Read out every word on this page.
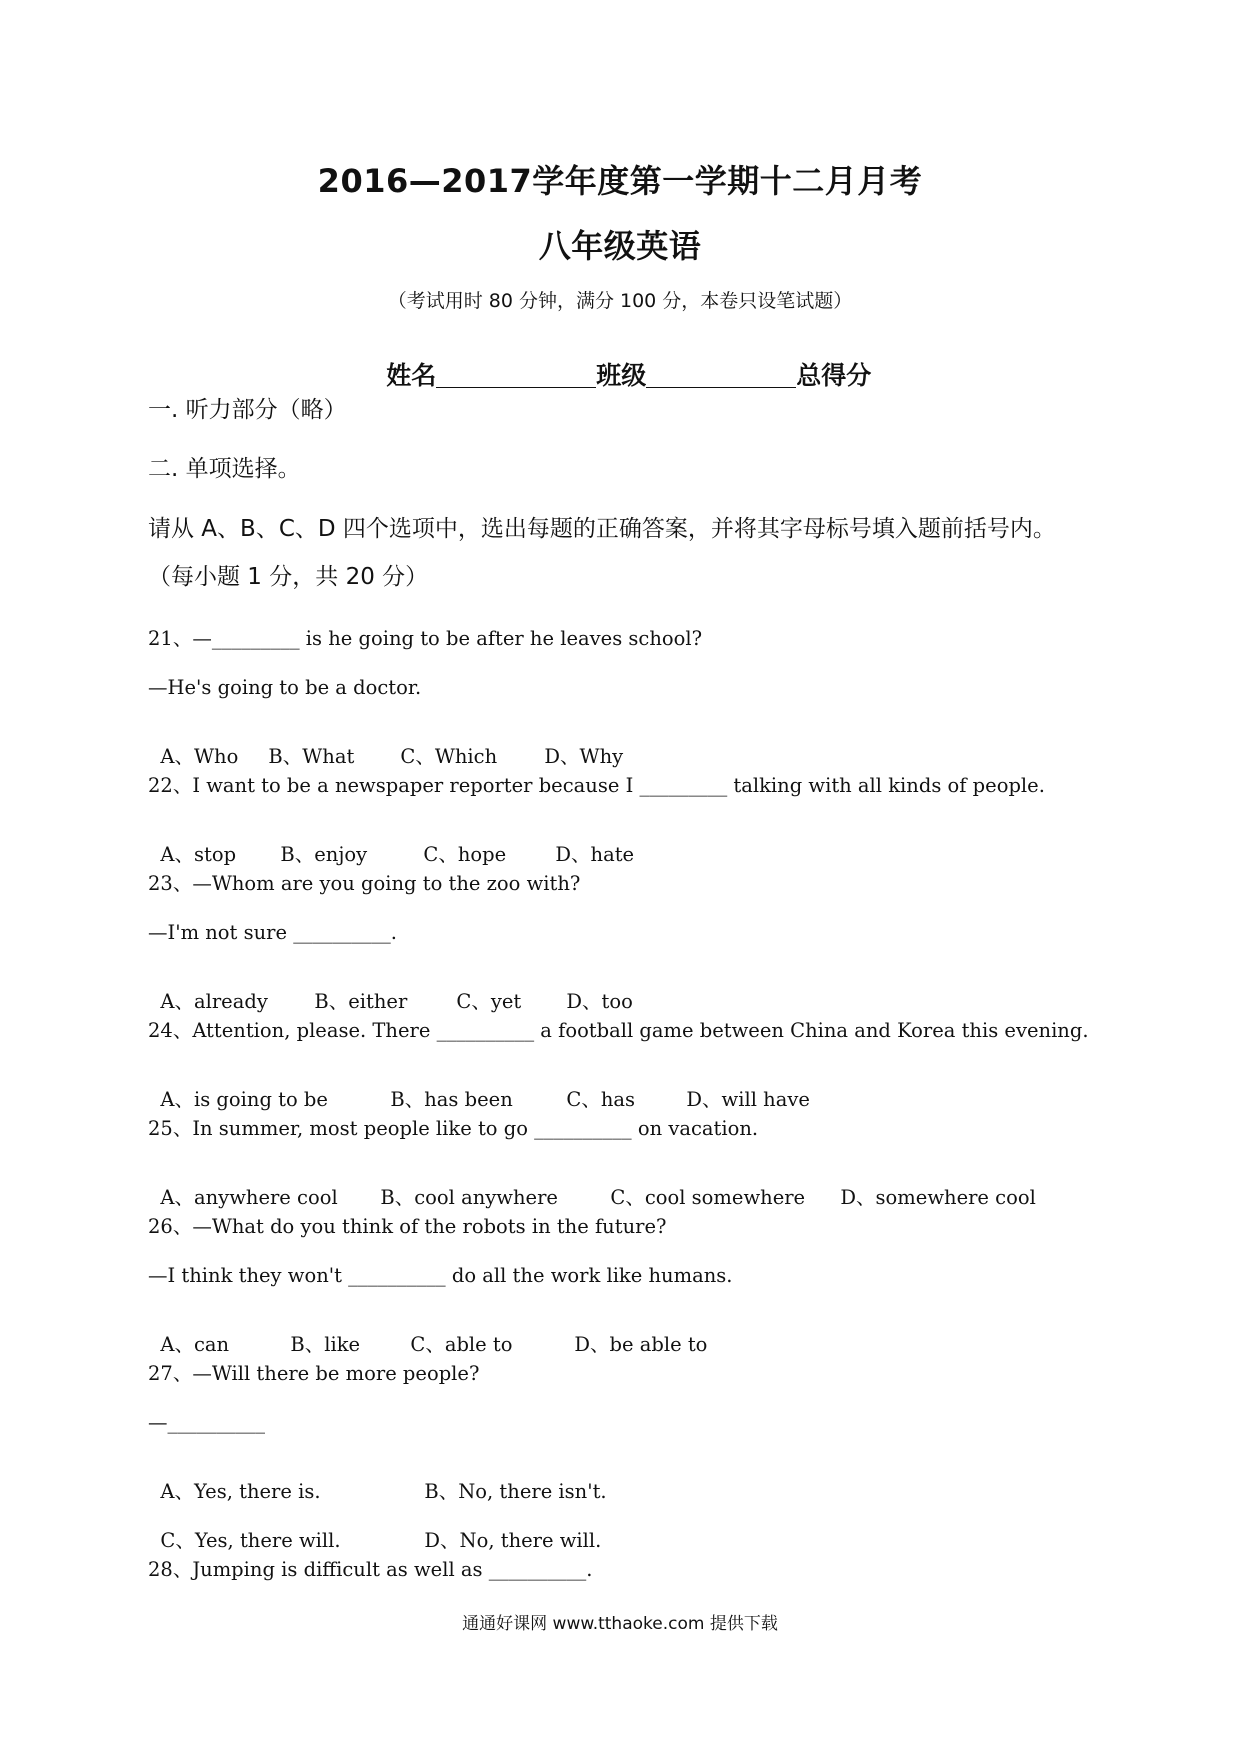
2016—2017学年度第一学期十二月月考
八年级英语
（考试用时 80 分钟，满分 100 分，本卷只设笔试题）

姓名	班级	总得分

一. 听力部分（略）
二. 单项选择。
请从 A、B、C、D 四个选项中，选出每题的正确答案，并将其字母标号填入题前括号内。
（每小题 1 分，共 20 分）
21、—_________ is he going to be after he leaves school?
—He's going to be a doctor.

A、Who B、What C、Which D、Why

22、I want to be a newspaper reporter because I _________ talking with all kinds of people.

A、stop B、enjoy	C、hope	D、hate

23、—Whom are you going to the zoo with?
—I'm not sure __________.

A、already B、either	C、yet D、too

24、Attention, please. There __________ a football game between China and Korea this evening.

A、is going to be	B、has been	C、has	D、will have

25、In summer, most people like to go __________ on vacation.

A、anywhere cool B、cool anywhere	C、cool somewhere D、somewhere cool

26、—What do you think of the robots in the future?
—I think they won't __________ do all the work like humans.

A、can	B、like	C、able to	D、be able to

27、—Will there be more people?
—__________

A、Yes, there is.	B、No, there isn't.

C、Yes, there will.	D、No, there will.

28、Jumping is difficult as well as __________.
通通好课网 www.tthaoke.com 提供下载
